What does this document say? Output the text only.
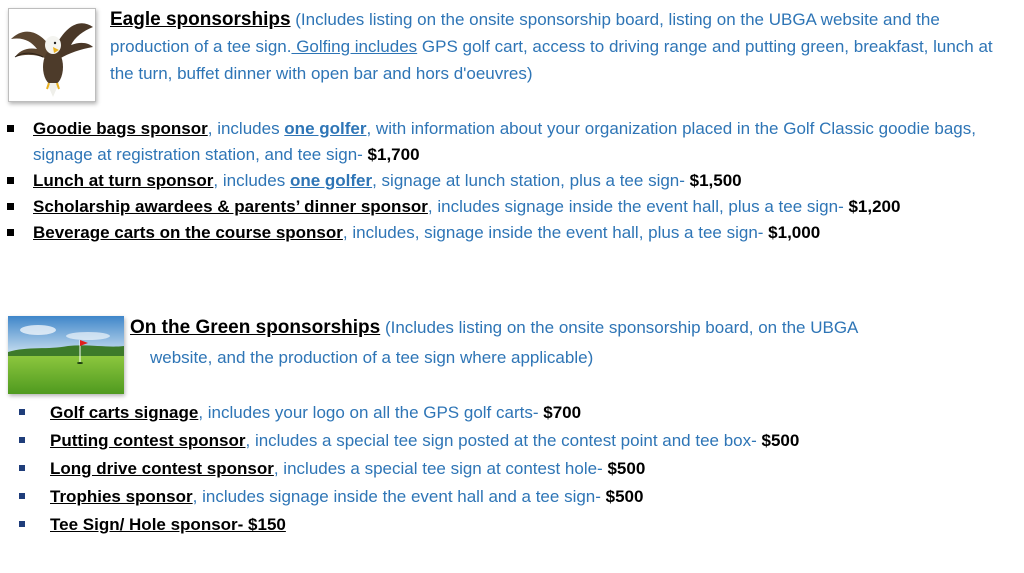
Eagle sponsorships (Includes listing on the onsite sponsorship board, listing on the UBGA website and the production of a tee sign. Golfing includes GPS golf cart, access to driving range and putting green, breakfast, lunch at the turn, buffet dinner with open bar and hors d'oeuvres)
Goodie bags sponsor, includes one golfer, with information about your organization placed in the Golf Classic goodie bags, signage at registration station, and tee sign- $1,700
Lunch at turn sponsor, includes one golfer, signage at lunch station, plus a tee sign- $1,500
Scholarship awardees & parents’ dinner sponsor, includes signage inside the event hall, plus a tee sign- $1,200
Beverage carts on the course sponsor, includes, signage inside the event hall, plus a tee sign- $1,000
On the Green sponsorships (Includes listing on the onsite sponsorship board, on the UBGA
website, and the production of a tee sign where applicable)
Golf carts signage, includes your logo on all the GPS golf carts- $700
Putting contest sponsor, includes a special tee sign posted at the contest point and tee box- $500
Long drive contest sponsor, includes a special tee sign at contest hole- $500
Trophies sponsor, includes signage inside the event hall and a tee sign- $500
Tee Sign/ Hole sponsor- $150
